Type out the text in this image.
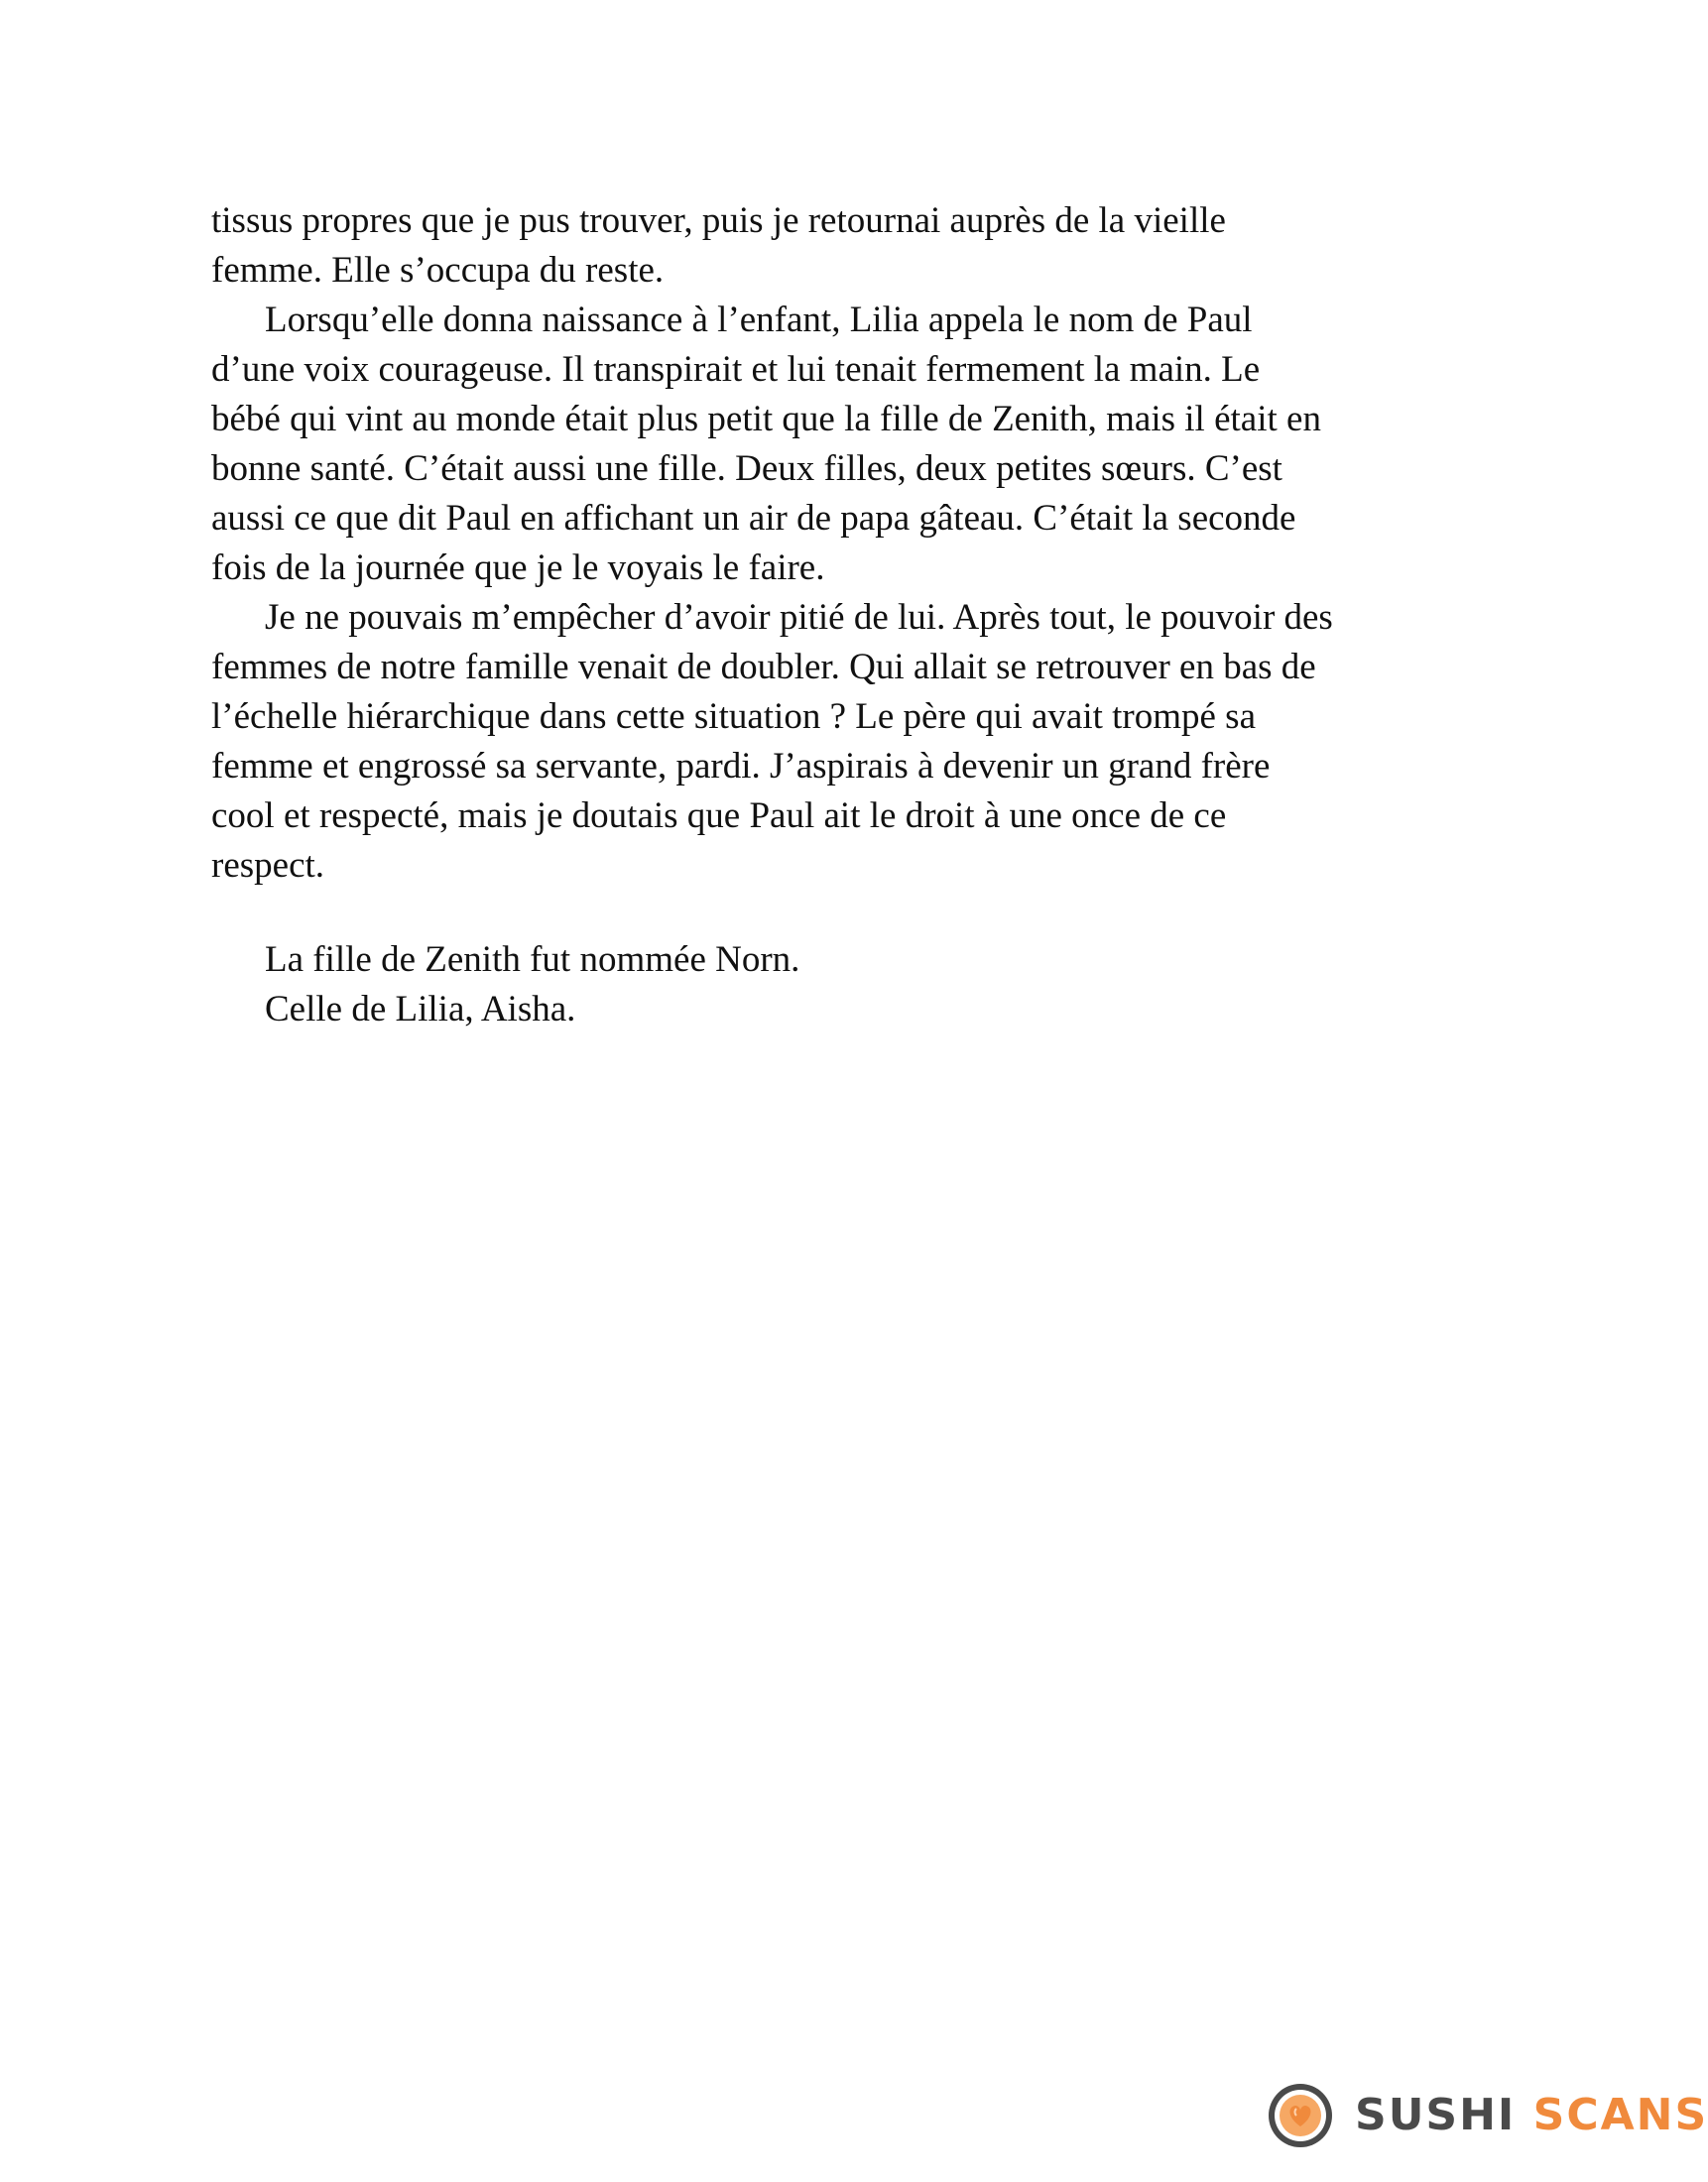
tissus propres que je pus trouver, puis je retournai auprès de la vieille
femme. Elle s’occupa du reste.
Lorsqu’elle donna naissance à l’enfant, Lilia appela le nom de Paul
d’une voix courageuse. Il transpirait et lui tenait fermement la main. Le
bébé qui vint au monde était plus petit que la fille de Zenith, mais il était en
bonne santé. C’était aussi une fille. Deux filles, deux petites sœurs. C’est
aussi ce que dit Paul en affichant un air de papa gâteau. C’était la seconde
fois de la journée que je le voyais le faire.
Je ne pouvais m’empêcher d’avoir pitié de lui. Après tout, le pouvoir des
femmes de notre famille venait de doubler. Qui allait se retrouver en bas de
l’échelle hiérarchique dans cette situation ? Le père qui avait trompé sa
femme et engrossé sa servante, pardi. J’aspirais à devenir un grand frère
cool et respecté, mais je doutais que Paul ait le droit à une once de ce
respect.
La fille de Zenith fut nommée Norn.
Celle de Lilia, Aisha.
SUSHI SCANS
